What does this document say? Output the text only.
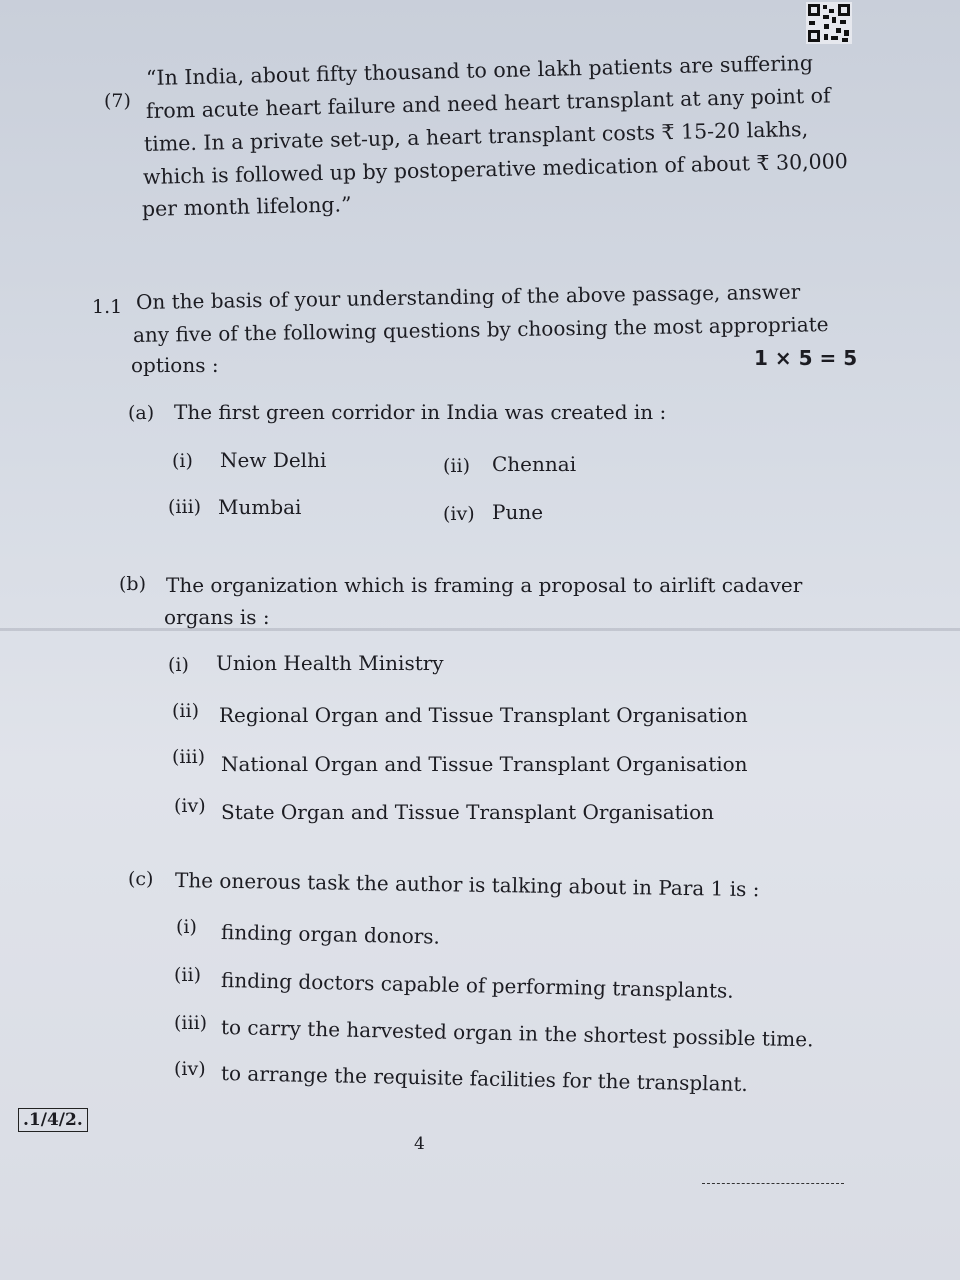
(7)
“In India, about fifty thousand to one lakh patients are suffering
from acute heart failure and need heart transplant at any point of
time. In a private set-up, a heart transplant costs ₹ 15-20 lakhs,
which is followed up by postoperative medication of about ₹ 30,000
per month lifelong.”
1.1 On the basis of your understanding of the above passage, answer
any five of the following questions by choosing the most appropriate
options :	1 × 5 = 5
(a) The first green corridor in India was created in :
(i) New Delhi	(ii) Chennai
(iii) Mumbai	(iv) Pune
(b) The organization which is framing a proposal to airlift cadaver
organs is :
(i) Union Health Ministry
(ii) Regional Organ and Tissue Transplant Organisation
(iii) National Organ and Tissue Transplant Organisation
(iv) State Organ and Tissue Transplant Organisation
(c) The onerous task the author is talking about in Para 1 is :
(i) finding organ donors.
(ii) finding doctors capable of performing transplants.
(iii) to carry the harvested organ in the shortest possible time.
(iv) to arrange the requisite facilities for the transplant.
.1/4/2.
4
